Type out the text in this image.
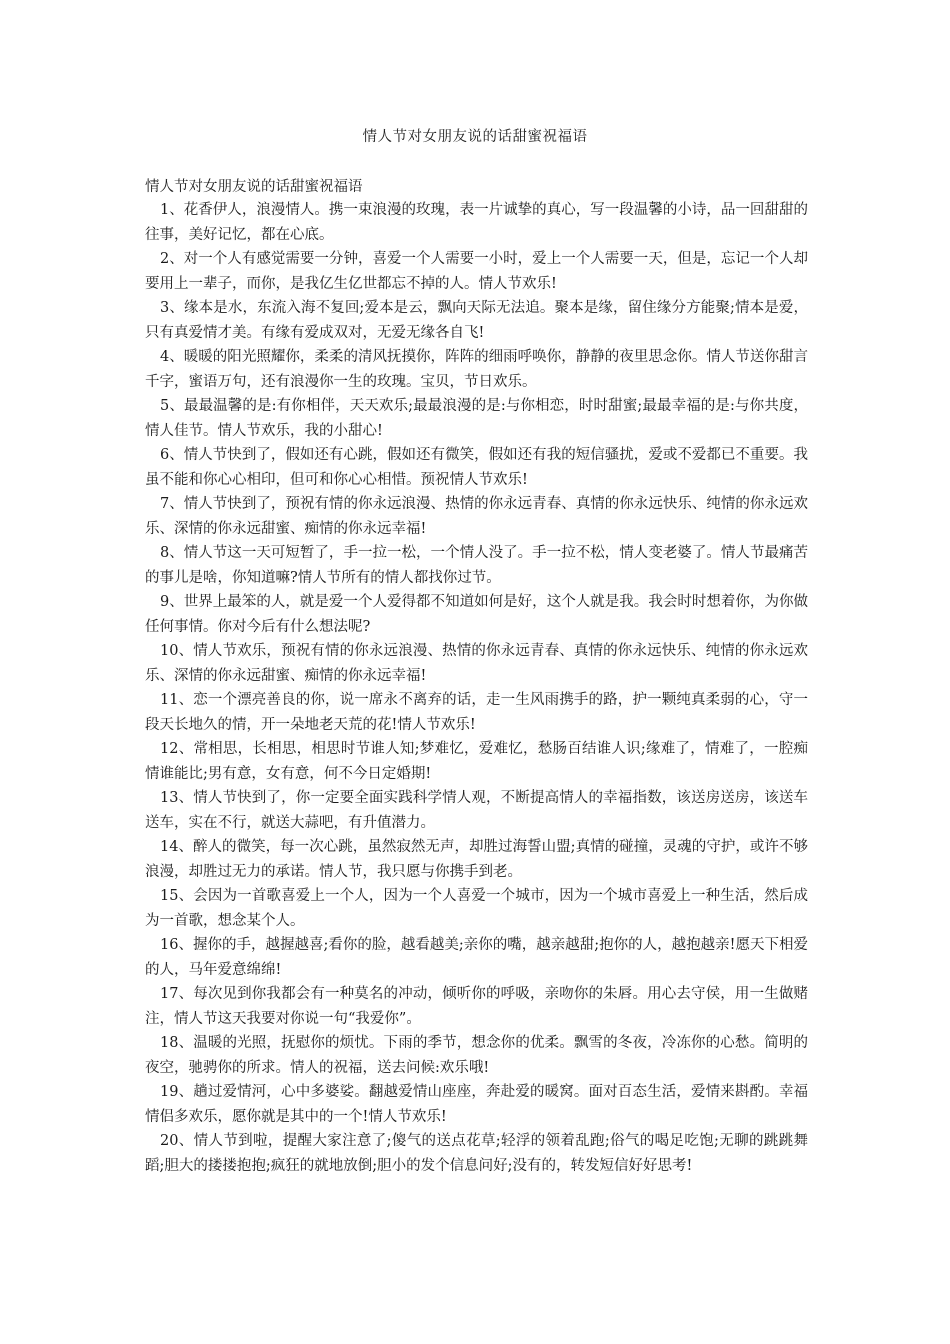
情人节对女朋友说的话甜蜜祝福语

情人节对女朋友说的话甜蜜祝福语

1、花香伊人，浪漫情人。携一束浪漫的玫瑰，表一片诚挚的真心，写一段温馨的小诗，品一回甜甜的往事，美好记忆，都在心底。

2、对一个人有感觉需要一分钟，喜爱一个人需要一小时，爱上一个人需要一天，但是，忘记一个人却要用上一辈子，而你，是我亿生亿世都忘不掉的人。情人节欢乐!

3、缘本是水，东流入海不复回;爱本是云，飘向天际无法追。聚本是缘，留住缘分方能聚;情本是爱，只有真爱情才美。有缘有爱成双对，无爱无缘各自飞!

4、暖暖的阳光照耀你，柔柔的清风抚摸你，阵阵的细雨呼唤你，静静的夜里思念你。情人节送你甜言千字，蜜语万句，还有浪漫你一生的玫瑰。宝贝，节日欢乐。

5、最最温馨的是:有你相伴，天天欢乐;最最浪漫的是:与你相恋，时时甜蜜;最最幸福的是:与你共度，情人佳节。情人节欢乐，我的小甜心!

6、情人节快到了，假如还有心跳，假如还有微笑，假如还有我的短信骚扰，爱或不爱都已不重要。我虽不能和你心心相印，但可和你心心相惜。预祝情人节欢乐!

7、情人节快到了，预祝有情的你永远浪漫、热情的你永远青春、真情的你永远快乐、纯情的你永远欢乐、深情的你永远甜蜜、痴情的你永远幸福!

8、情人节这一天可短暂了，手一拉一松，一个情人没了。手一拉不松，情人变老婆了。情人节最痛苦的事儿是啥，你知道嘛?情人节所有的情人都找你过节。

9、世界上最笨的人，就是爱一个人爱得都不知道如何是好，这个人就是我。我会时时想着你，为你做任何事情。你对今后有什么想法呢?

10、情人节欢乐，预祝有情的你永远浪漫、热情的你永远青春、真情的你永远快乐、纯情的你永远欢乐、深情的你永远甜蜜、痴情的你永远幸福!

11、恋一个漂亮善良的你，说一席永不离弃的话，走一生风雨携手的路，护一颗纯真柔弱的心，守一段天长地久的情，开一朵地老天荒的花!情人节欢乐!

12、常相思，长相思，相思时节谁人知;梦难忆，爱难忆，愁肠百结谁人识;缘难了，情难了，一腔痴情谁能比;男有意，女有意，何不今日定婚期!

13、情人节快到了，你一定要全面实践科学情人观，不断提高情人的幸福指数，该送房送房，该送车送车，实在不行，就送大蒜吧，有升值潜力。

14、醉人的微笑，每一次心跳，虽然寂然无声，却胜过海誓山盟;真情的碰撞，灵魂的守护，或许不够浪漫，却胜过无力的承诺。情人节，我只愿与你携手到老。

15、会因为一首歌喜爱上一个人，因为一个人喜爱一个城市，因为一个城市喜爱上一种生活，然后成为一首歌，想念某个人。

16、握你的手，越握越喜;看你的脸，越看越美;亲你的嘴，越亲越甜;抱你的人，越抱越亲!愿天下相爱的人，马年爱意绵绵!

17、每次见到你我都会有一种莫名的冲动，倾听你的呼吸，亲吻你的朱唇。用心去守侯，用一生做赌注，情人节这天我要对你说一句“我爱你”。

18、温暖的光照，抚慰你的烦忧。下雨的季节，想念你的优柔。飘雪的冬夜，冷冻你的心愁。简明的夜空，驰骋你的所求。情人的祝福，送去问候:欢乐哦!

19、趟过爱情河，心中多婆娑。翻越爱情山座座，奔赴爱的暖窝。面对百态生活，爱情来斟酌。幸福情侣多欢乐，愿你就是其中的一个!情人节欢乐!

20、情人节到啦，提醒大家注意了;傻气的送点花草;轻浮的领着乱跑;俗气的喝足吃饱;无聊的跳跳舞蹈;胆大的搂搂抱抱;疯狂的就地放倒;胆小的发个信息问好;没有的，转发短信好好思考!
